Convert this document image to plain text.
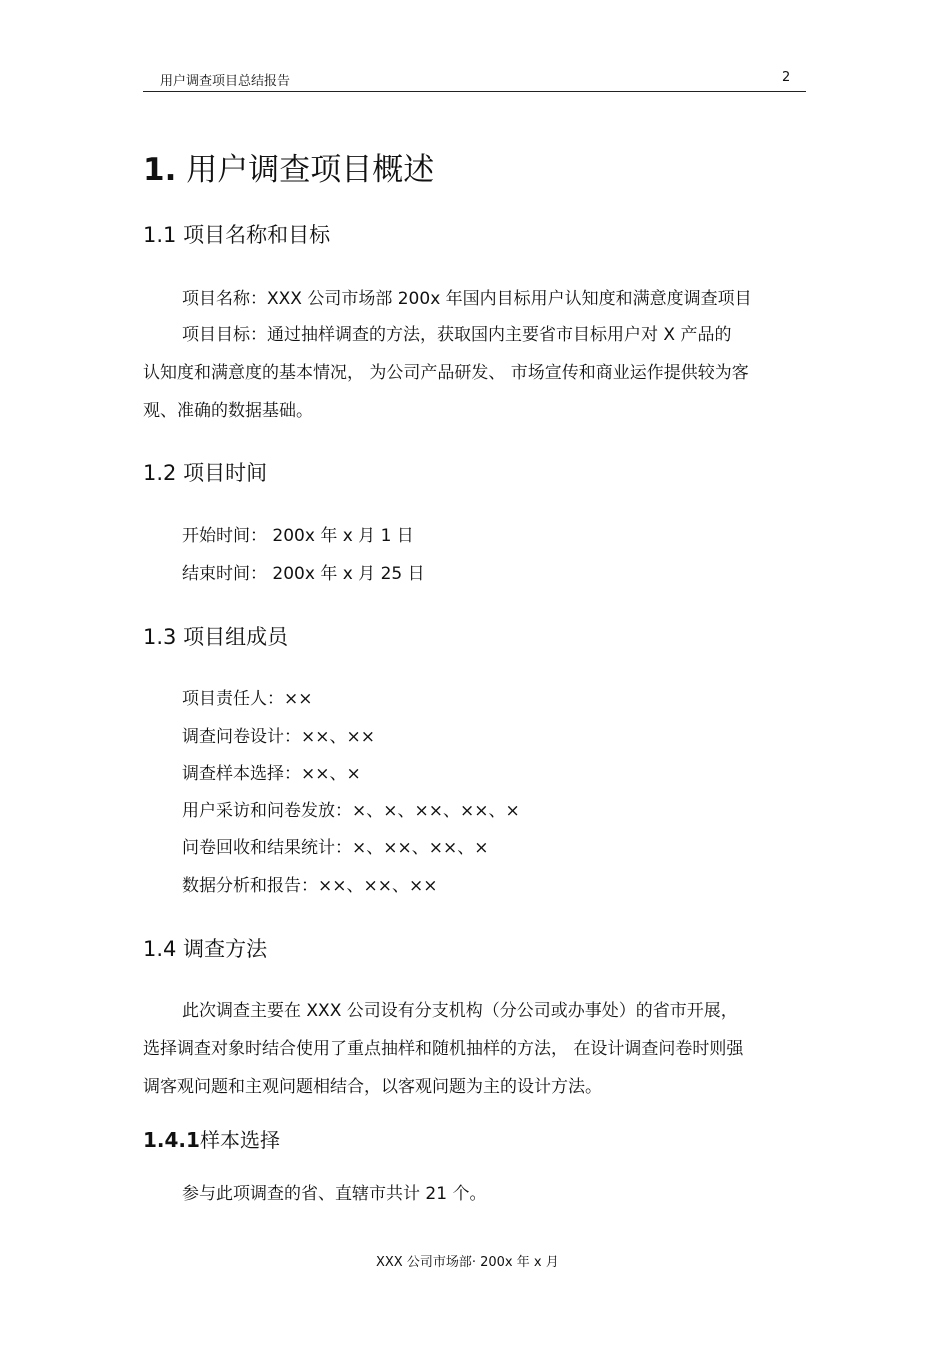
用户调查项目总结报告	2
1. 用户调查项目概述
1.1 项目名称和目标
项目名称：XXX 公司市场部 200x 年国内目标用户认知度和满意度调查项目
项目目标：通过抽样调查的方法，获取国内主要省市目标用户对 X 产品的
认知度和满意度的基本情况， 为公司产品研发、 市场宣传和商业运作提供较为客
观、准确的数据基础。
1.2 项目时间
开始时间： 200x 年 x 月 1 日
结束时间： 200x 年 x 月 25 日
1.3 项目组成员
项目责任人：××
调查问卷设计：××、××
调查样本选择：××、×
用户采访和问卷发放：×、×、××、××、×
问卷回收和结果统计：×、××、××、×
数据分析和报告：××、××、××
1.4 调查方法
此次调查主要在 XXX 公司设有分支机构（分公司或办事处）的省市开展，
选择调查对象时结合使用了重点抽样和随机抽样的方法， 在设计调查问卷时则强
调客观问题和主观问题相结合，以客观问题为主的设计方法。
1.4.1样本选择
参与此项调查的省、直辖市共计 21 个。
XXX 公司市场部· 200x 年 x 月
